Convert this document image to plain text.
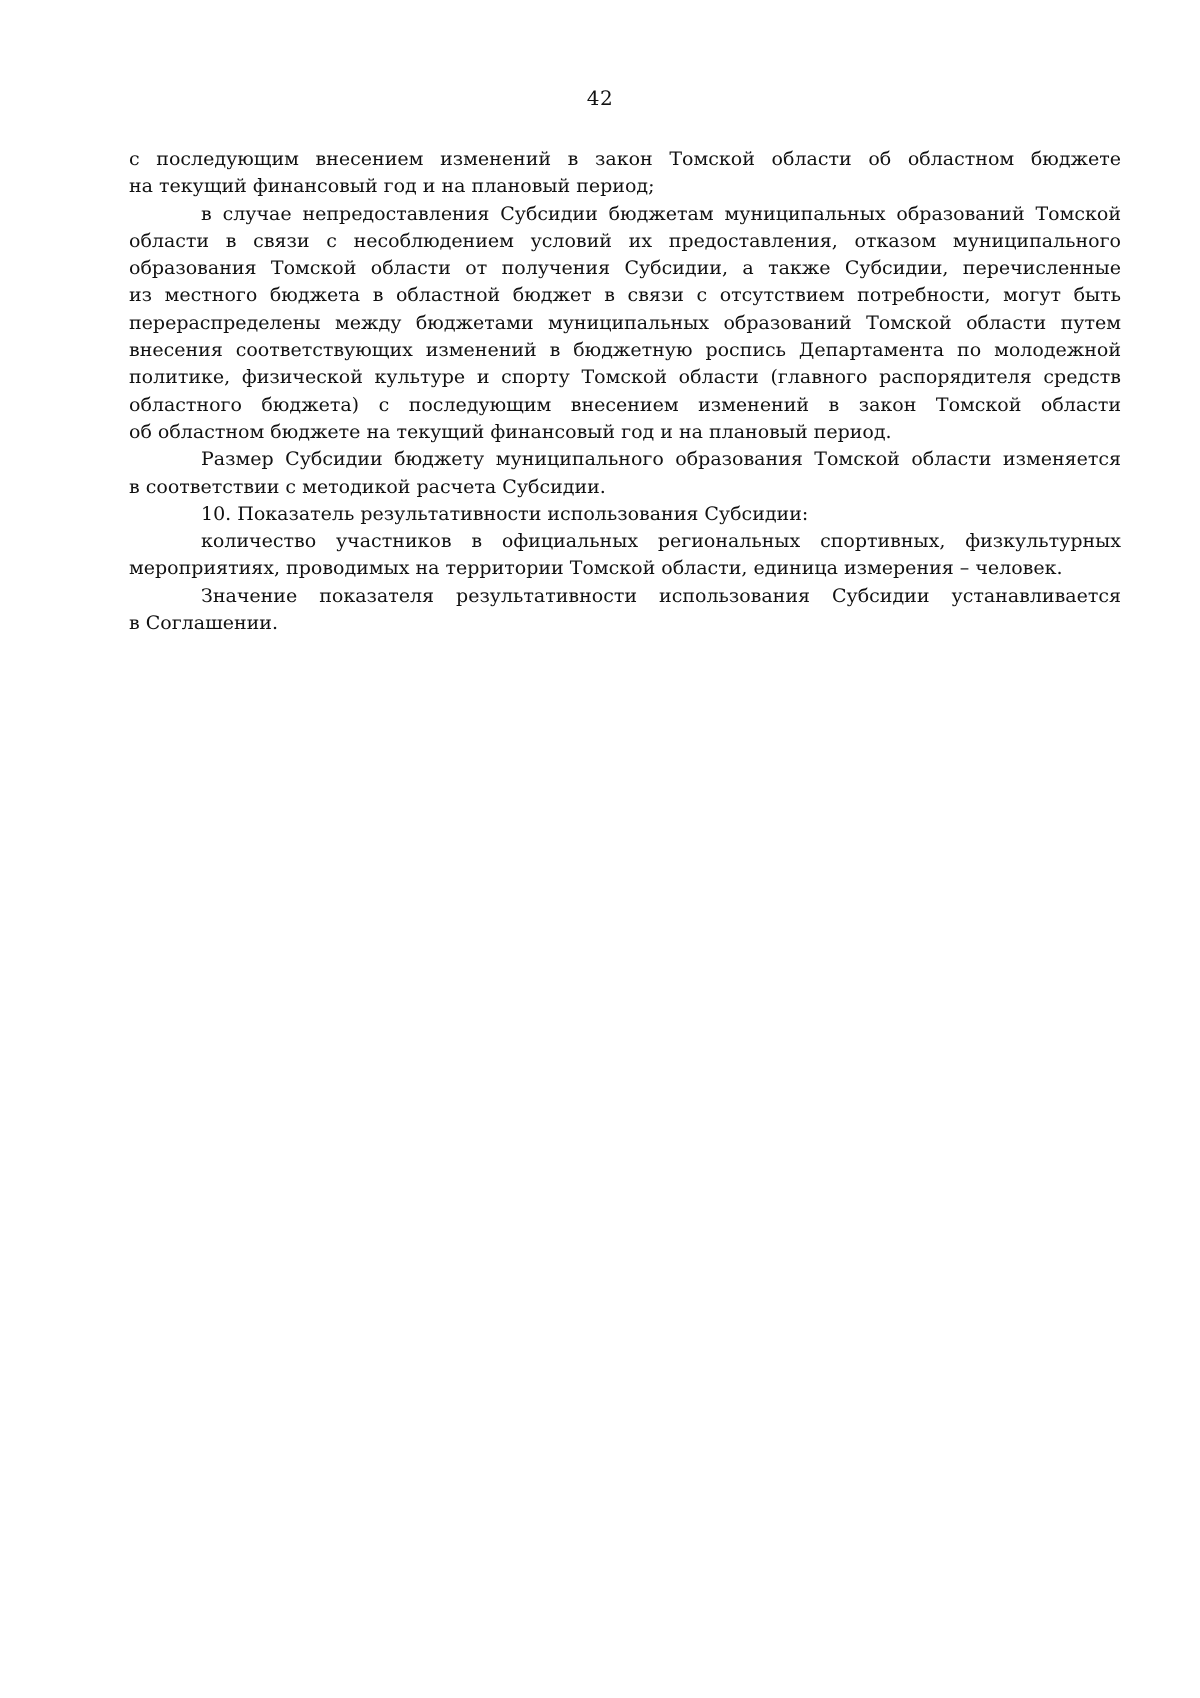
42
с последующим внесением изменений в закон Томской области об областном бюджете
на текущий финансовый год и на плановый период;
в случае непредоставления Субсидии бюджетам муниципальных образований Томской
области в связи с несоблюдением условий их предоставления, отказом муниципального
образования Томской области от получения Субсидии, а также Субсидии, перечисленные
из местного бюджета в областной бюджет в связи с отсутствием потребности, могут быть
перераспределены между бюджетами муниципальных образований Томской области путем
внесения соответствующих изменений в бюджетную роспись Департамента по молодежной
политике, физической культуре и спорту Томской области (главного распорядителя средств
областного бюджета) с последующим внесением изменений в закон Томской области
об областном бюджете на текущий финансовый год и на плановый период.
Размер Субсидии бюджету муниципального образования Томской области изменяется
в соответствии с методикой расчета Субсидии.
10. Показатель результативности использования Субсидии:
количество участников в официальных региональных спортивных, физкультурных
мероприятиях, проводимых на территории Томской области, единица измерения – человек.
Значение показателя результативности использования Субсидии устанавливается
в Соглашении.
